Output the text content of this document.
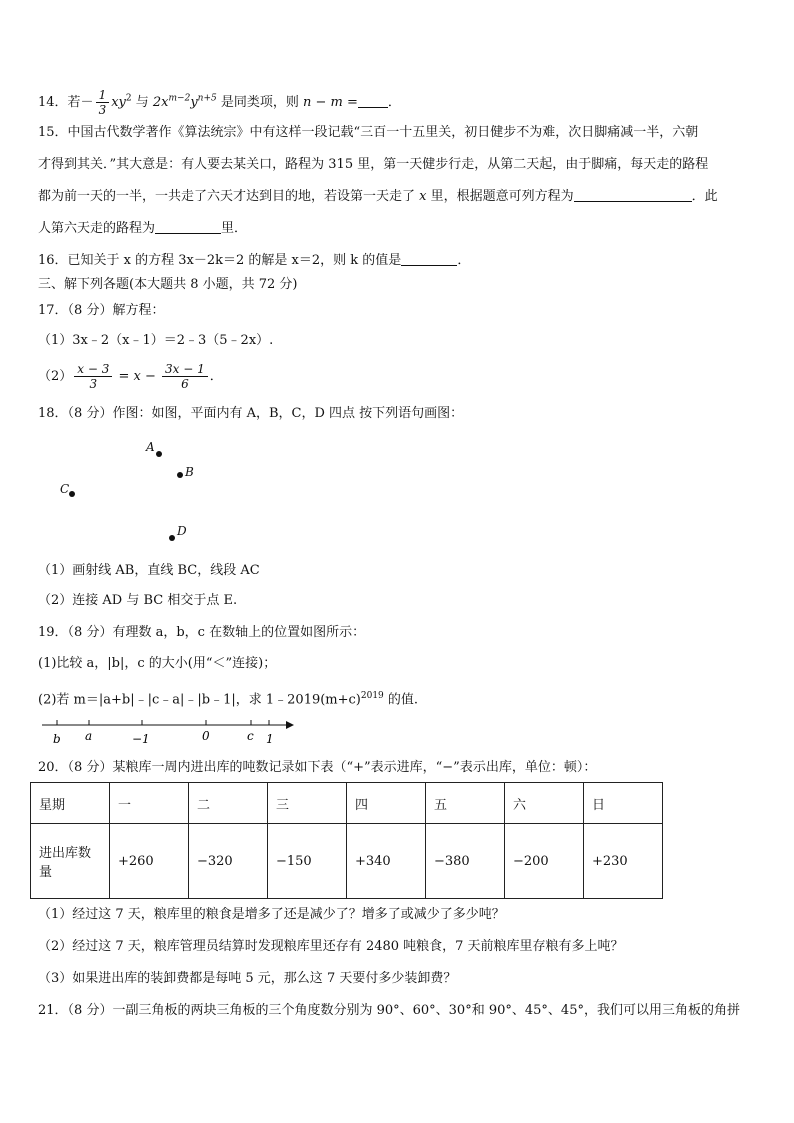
14．若－ $\frac{1}{3} xy^2$ 与 $2x^{m-2}y^{n+5}$ 是同类项，则 n − m = ．
15．中国古代数学著作《算法统宗》中有这样一段记载“三百一十五里关，初日健步不为难，次日脚痛减一半，六朝
才得到其关．”其大意是：有人要去某关口，路程为 315 里，第一天健步行走，从第二天起，由于脚痛，每天走的路程
都为前一天的一半，一共走了六天才达到目的地，若设第一天走了 x 里，根据题意可列方程为	．此
人第六天走的路程为	里．
16．已知关于 x 的方程 3x－2k＝2 的解是 x＝2，则 k 的值是	．
三、解下列各题(本大题共 8 小题，共 72 分)
17．（8 分）解方程：
（1）3x﹣2（x﹣1）＝2﹣3（5﹣2x）.
$(2) \frac{x - 3}{3} = x - \frac{3x - 1}{6}$ ．
18．（8 分）作图：如图，平面内有 A，B，C，D 四点 按下列语句画图：
A
B
C
D
（1）画射线 AB，直线 BC，线段 AC
（2）连接 AD 与 BC 相交于点 E.
19．（8 分）有理数 a，b，c 在数轴上的位置如图所示：
(1)比较 a，|b|，c 的大小(用“＜”连接)；
(2)若 m＝|a+b|﹣|c﹣a|﹣|b﹣1|，求 $1﹣2019(m+c)^{2019}$ 的值.
b a	−1	0	c 1
20．（8 分）某粮库一周内进出库的吨数记录如下表（“+”表示进库，“−”表示出库，单位：顿）：
星期	一	二	三	四	五	六	日
进出库数
量	+260	−320	−150	+340	−380	−200	+230
（1）经过这 7 天，粮库里的粮食是增多了还是减少了？增多了或减少了多少吨？
（2）经过这 7 天，粮库管理员结算时发现粮库里还存有 2480 吨粮食，7 天前粮库里存粮有多上吨？
（3）如果进出库的装卸费都是每吨 5 元，那么这 7 天要付多少装卸费？
21．（8 分）一副三角板的两块三角板的三个角度数分别为 90°、60°、30°和 90°、45°、45°，我们可以用三角板的角拼
